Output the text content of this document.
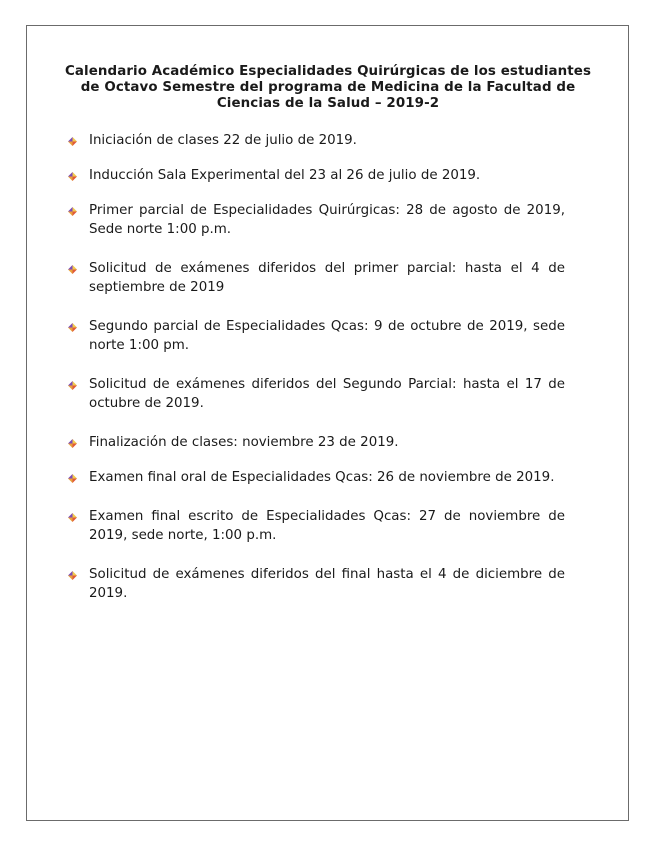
Calendario Académico Especialidades Quirúrgicas de los estudiantes de Octavo Semestre del programa de Medicina de la Facultad de Ciencias de la Salud – 2019-2
Iniciación de clases 22 de julio de 2019.
Inducción Sala Experimental del 23 al 26 de julio de 2019.
Primer parcial de Especialidades Quirúrgicas: 28 de agosto de 2019, Sede norte 1:00 p.m.
Solicitud de exámenes diferidos del primer parcial: hasta el 4 de septiembre de 2019
Segundo parcial de Especialidades Qcas: 9 de octubre de 2019, sede norte 1:00 pm.
Solicitud de exámenes diferidos del Segundo Parcial: hasta el 17 de octubre de 2019.
Finalización de clases: noviembre 23 de 2019.
Examen final oral de Especialidades Qcas: 26 de noviembre de 2019.
Examen final escrito de Especialidades Qcas: 27 de noviembre de 2019, sede norte, 1:00 p.m.
Solicitud de exámenes diferidos del final hasta el 4 de diciembre de 2019.
